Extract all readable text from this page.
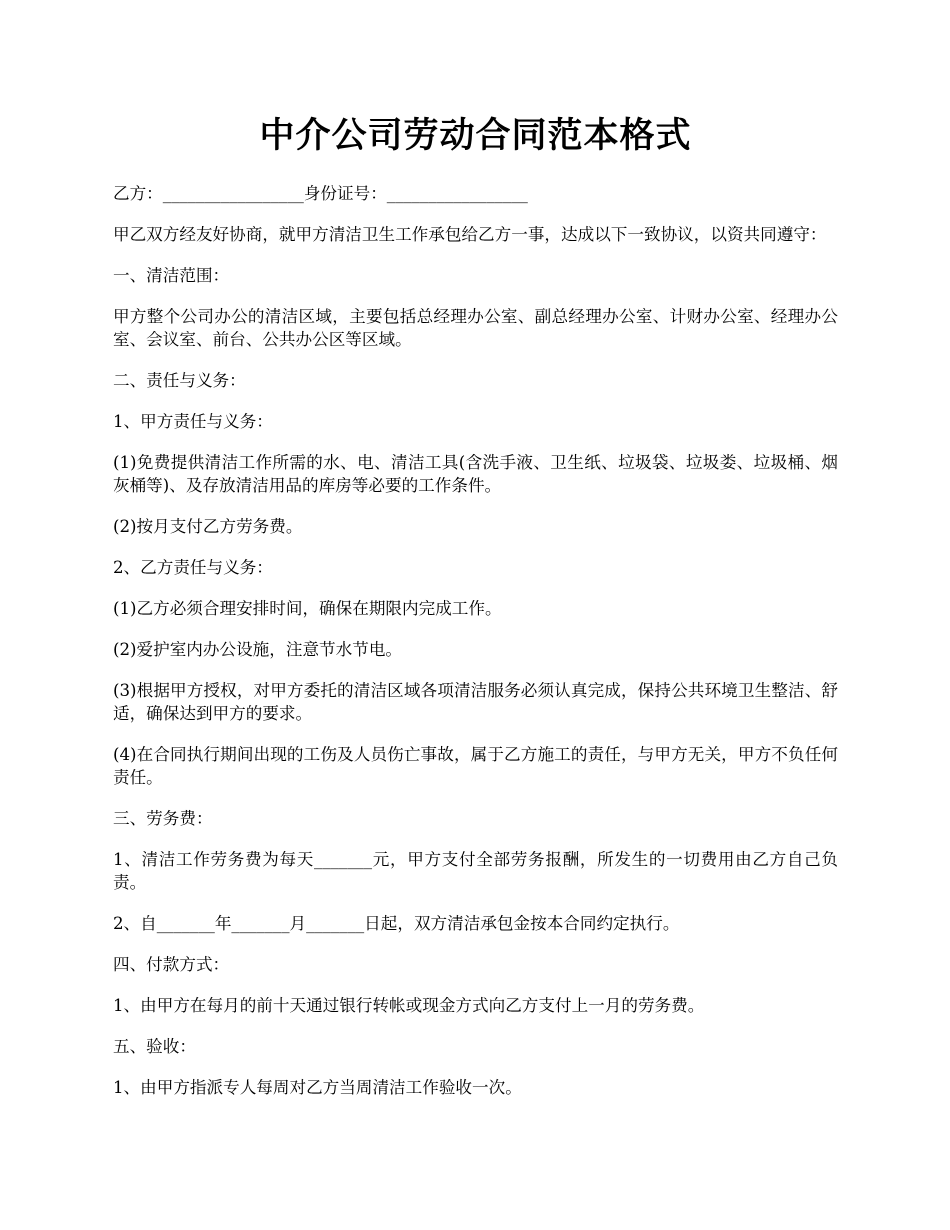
中介公司劳动合同范本格式

乙方：_________________身份证号：_________________

甲乙双方经友好协商，就甲方清洁卫生工作承包给乙方一事，达成以下一致协议，以资共同遵守：

一、清洁范围：

甲方整个公司办公的清洁区域，主要包括总经理办公室、副总经理办公室、计财办公室、经理办公室、会议室、前台、公共办公区等区域。

二、责任与义务：

1、甲方责任与义务：

(1)免费提供清洁工作所需的水、电、清洁工具(含洗手液、卫生纸、垃圾袋、垃圾娄、垃圾桶、烟灰桶等)、及存放清洁用品的库房等必要的工作条件。

(2)按月支付乙方劳务费。

2、乙方责任与义务：

(1)乙方必须合理安排时间，确保在期限内完成工作。

(2)爱护室内办公设施，注意节水节电。

(3)根据甲方授权，对甲方委托的清洁区域各项清洁服务必须认真完成，保持公共环境卫生整洁、舒适，确保达到甲方的要求。

(4)在合同执行期间出现的工伤及人员伤亡事故，属于乙方施工的责任，与甲方无关，甲方不负任何责任。

三、劳务费：

1、清洁工作劳务费为每天_______元，甲方支付全部劳务报酬，所发生的一切费用由乙方自己负责。

2、自_______年_______月_______日起，双方清洁承包金按本合同约定执行。

四、付款方式：

1、由甲方在每月的前十天通过银行转帐或现金方式向乙方支付上一月的劳务费。

五、验收：

1、由甲方指派专人每周对乙方当周清洁工作验收一次。
